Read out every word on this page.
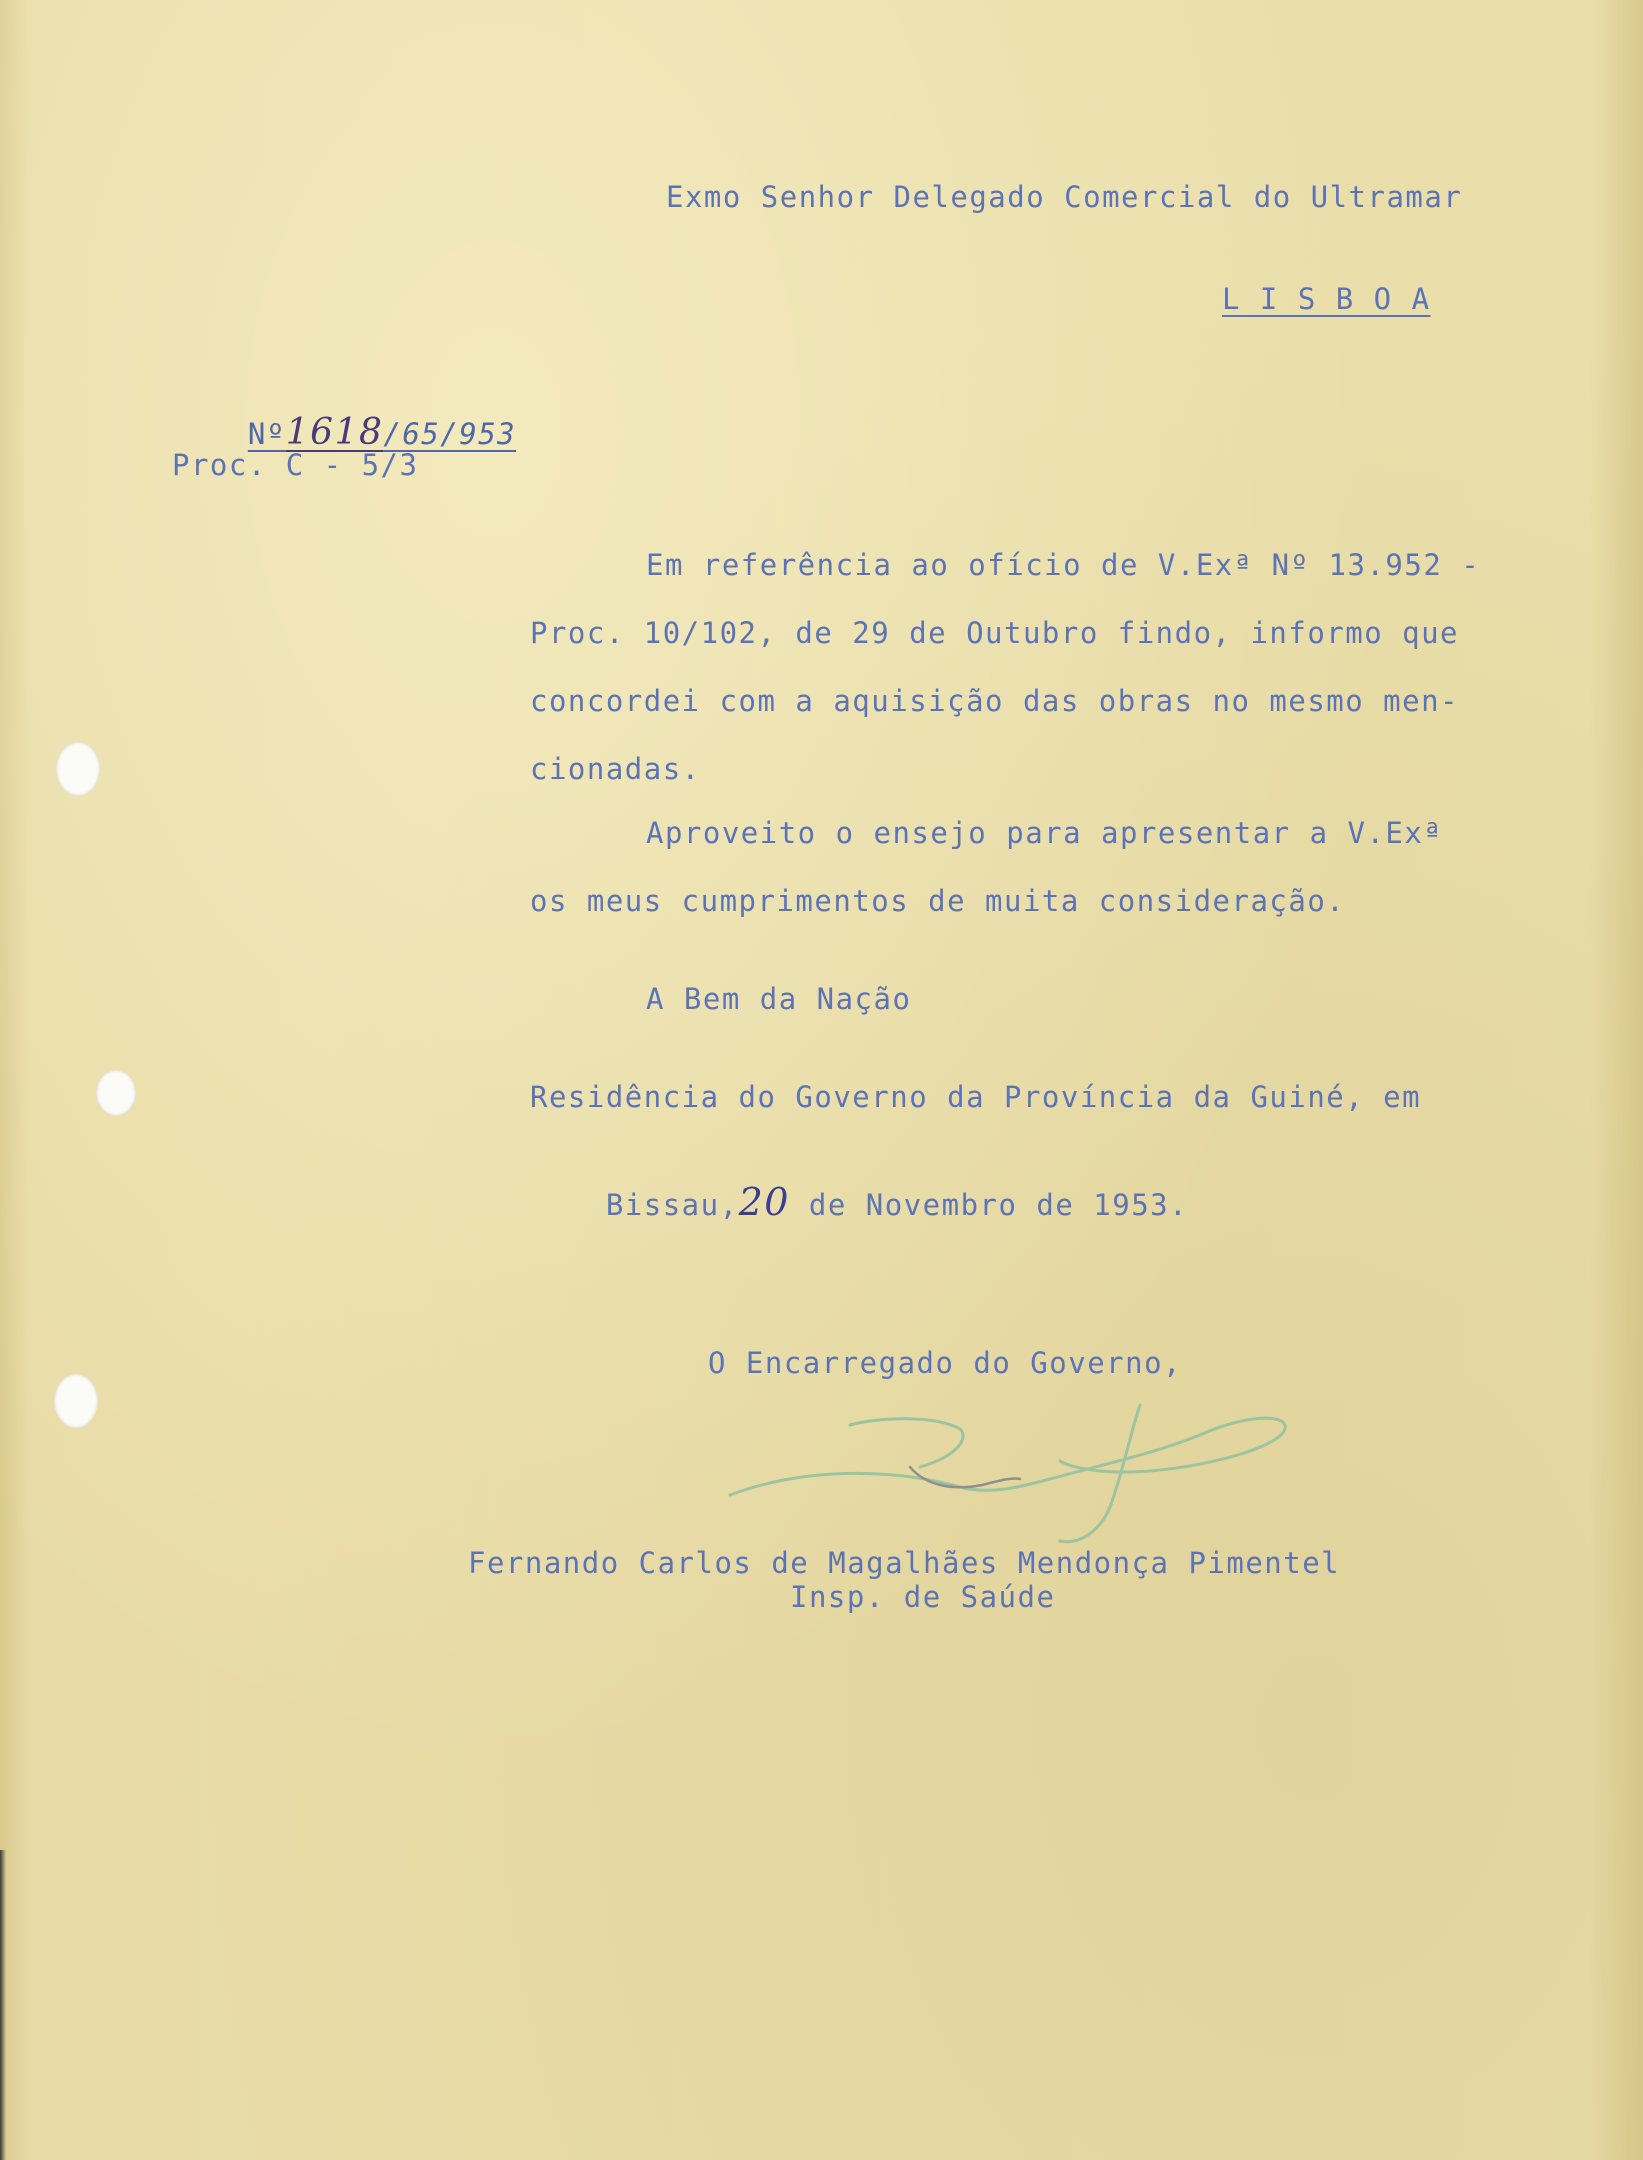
Exmo Senhor Delegado Comercial do Ultramar
L I S B O A

Nº1618/65/953

Proc. C - 5/3
Em referência ao ofício de V.Exª Nº 13.952 -
Proc. 10/102, de 29 de Outubro findo, informo que
concordei com a aquisição das obras no mesmo men-
cionadas.
Aproveito o ensejo para apresentar a V.Exª
os meus cumprimentos de muita consideração.
A Bem da Nação
Residência do Governo da Província da Guiné, em

Bissau,20 de Novembro de 1953.

O Encarregado do Governo,
Fernando Carlos de Magalhães Mendonça Pimentel
Insp. de Saúde
